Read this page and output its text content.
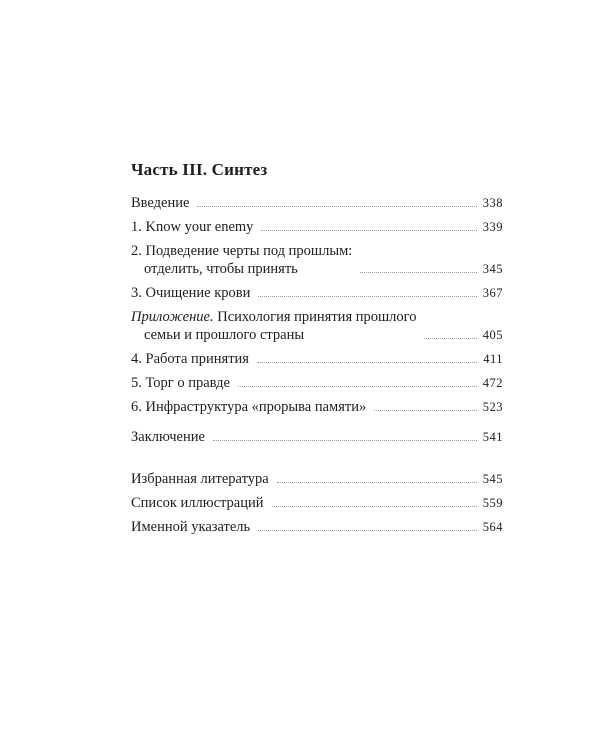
Часть III. Синтез
Введение	338
1. Know your enemy	339
2. Подведение черты под прошлым:
отделить, чтобы принять	345
3. Очищение крови	367
Приложение. Психология принятия прошлого
семьи и прошлого страны	405
4. Работа принятия	411
5. Торг о правде	472
6. Инфраструктура «прорыва памяти»	523
Заключение	541
Избранная литература	545
Список иллюстраций	559
Именной указатель	564
